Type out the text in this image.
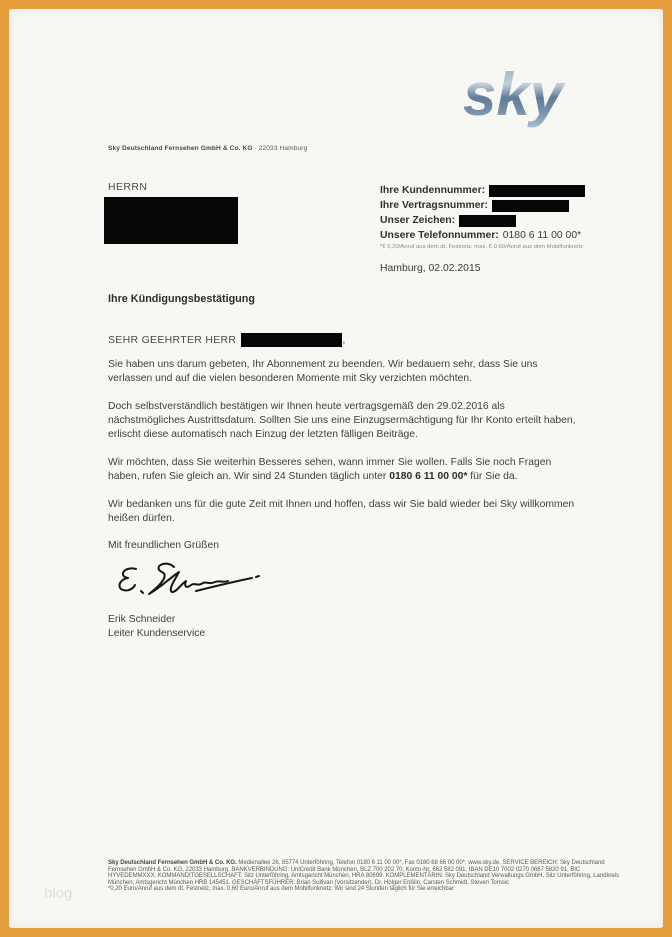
sky
Sky Deutschland Fernsehen GmbH & Co. KG · 22033 Hamburg
HERRN	Ihre Kundennummer:
Ihre Vertragsnummer:
Unser Zeichen:
Unsere Telefonnummer: 0180 6 11 00 00*
*€ 0,20/Anruf aus dem dt. Festnetz, max. € 0,60/Anruf aus dem Mobilfunknetz
Hamburg, 02.02.2015
Ihre Kündigungsbestätigung
SEHR GEEHRTER HERR	,

Sie haben uns darum gebeten, Ihr Abonnement zu beenden. Wir bedauern sehr, dass Sie uns verlassen und auf die vielen besonderen Momente mit Sky verzichten möchten.

Doch selbstverständlich bestätigen wir Ihnen heute vertragsgemäß den 29.02.2016 als nächstmögliches Austrittsdatum. Sollten Sie uns eine Einzugsermächtigung für Ihr Konto erteilt haben, erlischt diese automatisch nach Einzug der letzten fälligen Beiträge.

Wir möchten, dass Sie weiterhin Besseres sehen, wann immer Sie wollen. Falls Sie noch Fragen haben, rufen Sie gleich an. Wir sind 24 Stunden täglich unter 0180 6 11 00 00* für Sie da.

Wir bedanken uns für die gute Zeit mit Ihnen und hoffen, dass wir Sie bald wieder bei Sky willkommen heißen dürfen.

Mit freundlichen Grüßen

Erik Schneider
Leiter Kundenservice
Sky Deutschland Fernsehen GmbH & Co. KG. Medienallee 26, 85774 Unterföhring, Telefon 0180 6 11 00 00*, Fax 0180 68 66 00 00*, www.sky.de. SERVICE BEREICH: Sky Deutschland
Fernsehen GmbH & Co. KG, 22033 Hamburg. BANKVERBINDUNG: UniCredit Bank München, BLZ 700 202 70, Konto-Nr. 662 582 091, IBAN DE10 7002 0270 0667 5820 91, BIC
HYVEDEMMXXX. KOMMANDITGESELLSCHAFT: Sitz Unterföhring, Amtsgericht München, HRA 80699. KOMPLEMENTÄRIN: Sky Deutschland Verwaltungs GmbH, Sitz Unterföhring, Landkreis
München, Amtsgericht München HRB 145451. GESCHÄFTSFÜHRER: Brian Sullivan (Vorsitzender), Dr. Holger Enßlin, Carsten Schmidt, Steven Tomsic
*0,20 Euro/Anruf aus dem dt. Festnetz, max. 0,60 Euro/Anruf aus dem Mobilfunknetz; Wir sind 24 Stunden täglich für Sie erreichbar
blog
